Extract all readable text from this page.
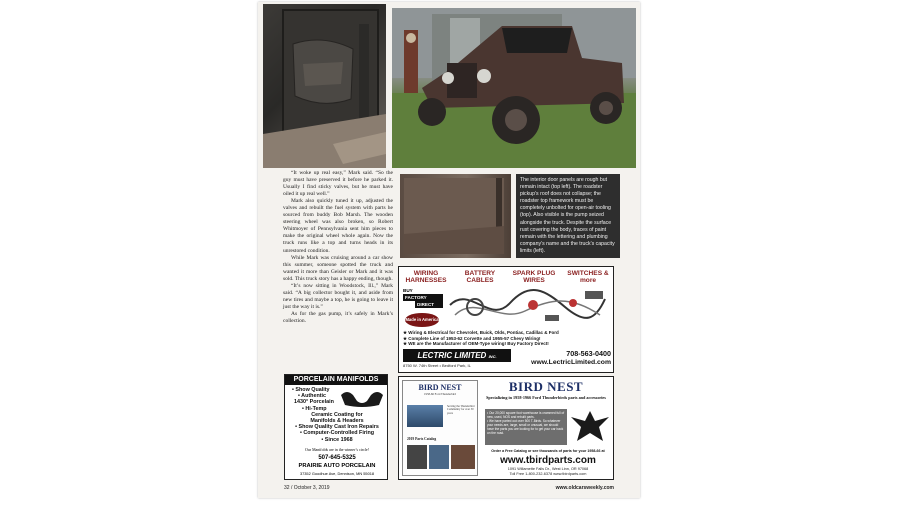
“It woke up real easy,” Mark said. “So the guy must have preserved it before he parked it. Usually I find sticky valves, but he must have oiled it up real well.”

Mark also quickly tuned it up, adjusted the valves and rebuilt the fuel system with parts he sourced from buddy Bob Marsh. The wooden steering wheel was also broken, so Robert Whitmoyer of Pennsylvania sent him pieces to make the original wheel whole again. Now the truck runs like a top and turns heads in its unrestored condition.

While Mark was cruising around a car show this summer, someone spotted the truck and wanted it more than Geisler or Mark and it was sold. This truck story has a happy ending, though.

“It’s now sitting in Woodstock, Ill.,” Mark said. “A big collector bought it, and aside from new tires and maybe a top, he is going to leave it just the way it is.”

As for the gas pump, it’s safely in Mark’s collection.

The interior door panels are rough but remain intact (top left). The roadster pickup’s roof does not collapse; the roadster top framework must be completely unbolted for open-air tooling (top). Also visible is the pump seized alongside the truck. Despite the surface rust covering the body, traces of paint remain with the lettering and plumbing company’s name and the truck’s capacity limits (left).
WIRING HARNESSES
BATTERY CABLES
SPARK PLUG WIRES
SWITCHES & more
BUY
FACTORY
DIRECT
Made in America
★ Wiring & Electrical for Chevrolet, Buick, Olds, Pontiac, Cadillac & Ford
★ Complete Line of 1953-62 Corvette and 1955-57 Chevy Wiring!
★ WE are the Manufacturer of OEM-Type wiring! Buy Factory Direct!
LECTRIC LIMITED INC.
8750 W. 74th Street • Bedford Park, IL
708-563-0400
www.LectricLimited.com
PORCELAIN MANIFOLDS
• Show Quality
• Authentic
1430° Porcelain
• Hi-Temp
Ceramic Coating for
Manifolds & Headers
• Show Quality Cast Iron Repairs
• Computer-Controlled Firing
• Since 1968
Our Manifolds are in the winner’s circle!
507-645-5325
PRAIRIE AUTO PORCELAIN
37352 Goodhue Ave, Dennison, MN 55018
BIRD NEST
1958-66 Ford Thunderbird
Serving the Thunderbird Community for over 30 years
2019 Parts Catalog
BIRD NEST
Specializing in 1958-1966 Ford Thunderbirds parts and accessories
• Our 20,000 square foot warehouse is crammed full of new, used, NOS and rebuilt parts.
• We have parted out over 500 T-Birds. So whatever your needs are, large, small or unusual, we should have the parts you are looking for to get your car back on the road.
Order a Free Catalog or see thousands of parts for your 1958-66 at
www.tbirdparts.com
1091 Willamette Falls Dr., West Linn, OR 97068
Toll Free 1-800-232-6378 www.tbirdparts.com
32 / October 3, 2019	www.oldcarsweekly.com
